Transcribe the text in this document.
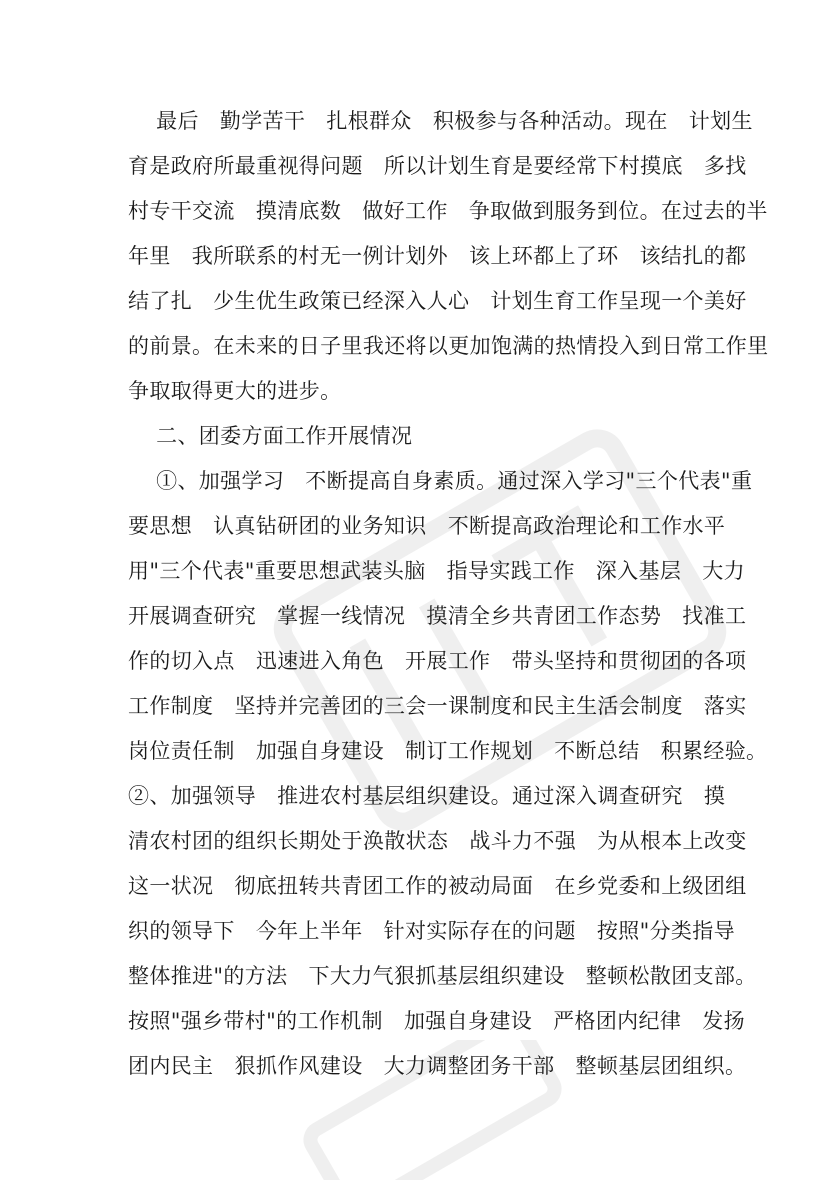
最后   勤学苦干   扎根群众   积极参与各种活动。现在   计划生
育是政府所最重视得问题   所以计划生育是要经常下村摸底   多找
村专干交流   摸清底数   做好工作   争取做到服务到位。在过去的半
年里   我所联系的村无一例计划外   该上环都上了环   该结扎的都
结了扎   少生优生政策已经深入人心   计划生育工作呈现一个美好
的前景。在未来的日子里我还将以更加饱满的热情投入到日常工作里
争取取得更大的进步。
二、团委方面工作开展情况
①、加强学习   不断提高自身素质。通过深入学习"三个代表"重
要思想   认真钻研团的业务知识   不断提高政治理论和工作水平
用"三个代表"重要思想武装头脑   指导实践工作   深入基层   大力
开展调查研究   掌握一线情况   摸清全乡共青团工作态势   找准工
作的切入点   迅速进入角色   开展工作   带头坚持和贯彻团的各项
工作制度   坚持并完善团的三会一课制度和民主生活会制度   落实
岗位责任制   加强自身建设   制订工作规划   不断总结   积累经验。
②、加强领导   推进农村基层组织建设。通过深入调查研究   摸
清农村团的组织长期处于涣散状态   战斗力不强   为从根本上改变
这一状况   彻底扭转共青团工作的被动局面   在乡党委和上级团组
织的领导下   今年上半年   针对实际存在的问题   按照"分类指导
整体推进"的方法   下大力气狠抓基层组织建设   整顿松散团支部。
按照"强乡带村"的工作机制   加强自身建设   严格团内纪律   发扬
团内民主   狠抓作风建设   大力调整团务干部   整顿基层团组织。
